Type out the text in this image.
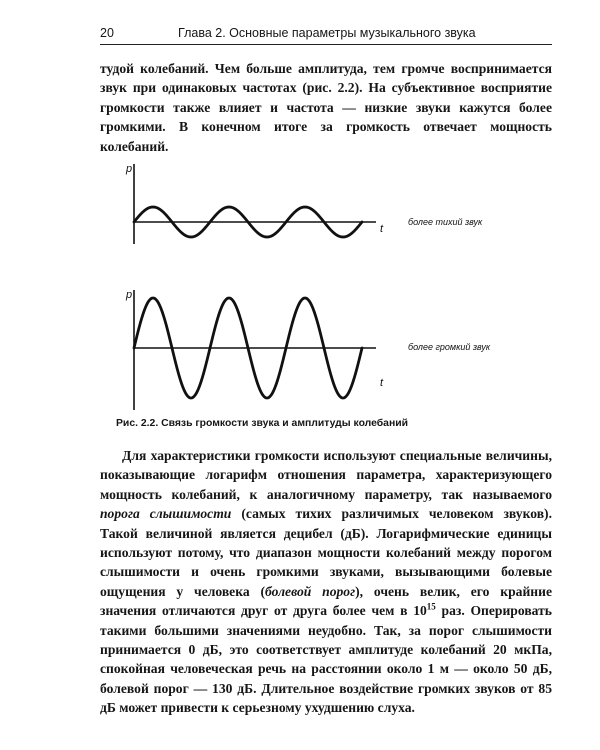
20	Глава 2. Основные параметры музыкального звука

тудой колебаний. Чем больше амплитуда, тем громче воспринимается звук при одинаковых частотах (рис. 2.2). На субъективное восприятие громкости также влияет и частота — низкие звуки кажутся более громкими. В конечном итоге за громкость отвечает мощность колебаний.

p
t
более тихий звук
p
t
более громкий звук
Рис. 2.2. Связь громкости звука и амплитуды колебаний

Для характеристики громкости используют специальные величины, показывающие логарифм отношения параметра, характеризующего мощность колебаний, к аналогичному параметру, так называемого порога слышимости (самых тихих различимых человеком звуков). Такой величиной является децибел (дБ). Логарифмические единицы используют потому, что диапазон мощности колебаний между порогом слышимости и очень громкими звуками, вызывающими болевые ощущения у человека (болевой порог), очень велик, его крайние значения отличаются друг от друга более чем в $10^{15}$ раз. Оперировать такими большими значениями неудобно. Так, за порог слышимости принимается 0 дБ, это соответствует амплитуде колебаний 20 мкПа, спокойная человеческая речь на расстоянии около 1 м — около 50 дБ, болевой порог — 130 дБ. Длительное воздействие громких звуков от 85 дБ может привести к серьезному ухудшению слуха.
